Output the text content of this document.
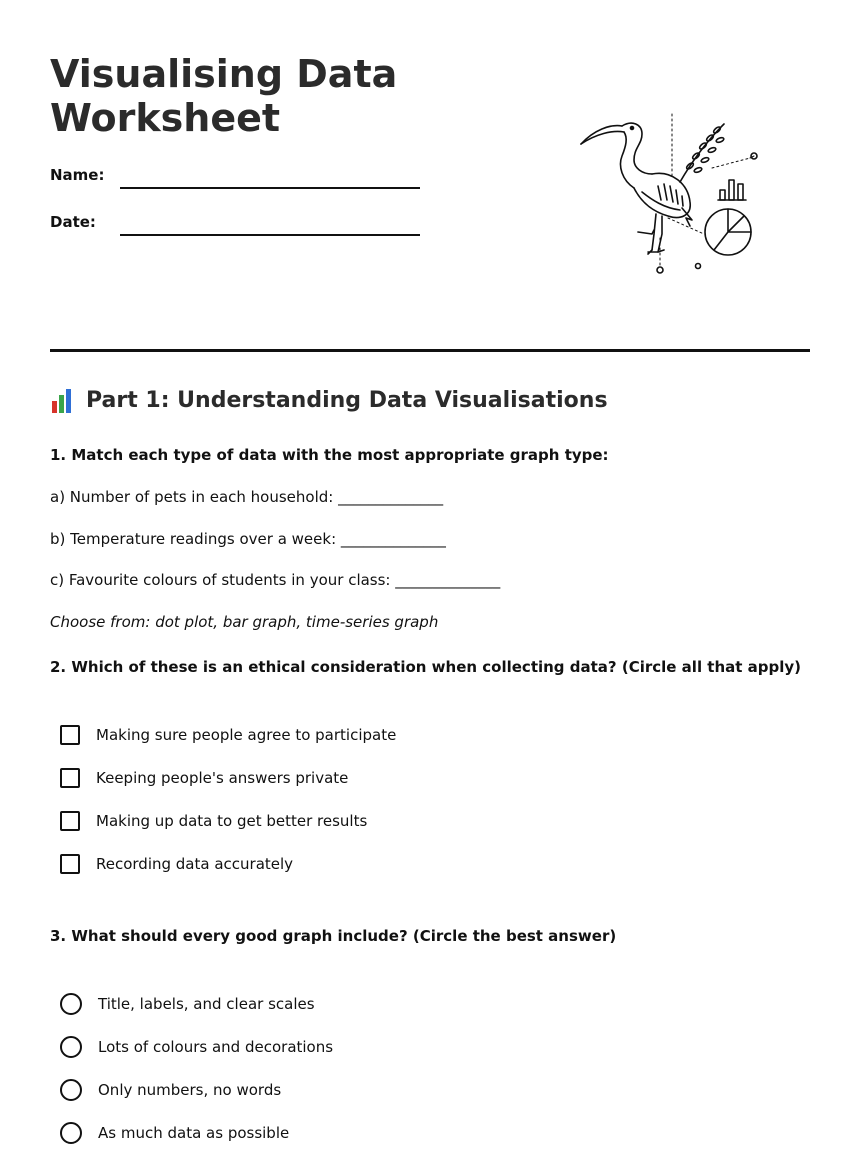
Visualising Data Worksheet
Name:
Date:
Part 1: Understanding Data Visualisations
1. Match each type of data with the most appropriate graph type:
a) Number of pets in each household: ______________
b) Temperature readings over a week: ______________
c) Favourite colours of students in your class: ______________
Choose from: dot plot, bar graph, time-series graph
2. Which of these is an ethical consideration when collecting data? (Circle all that apply)
Making sure people agree to participate
Keeping people's answers private
Making up data to get better results
Recording data accurately
3. What should every good graph include? (Circle the best answer)
Title, labels, and clear scales
Lots of colours and decorations
Only numbers, no words
As much data as possible
